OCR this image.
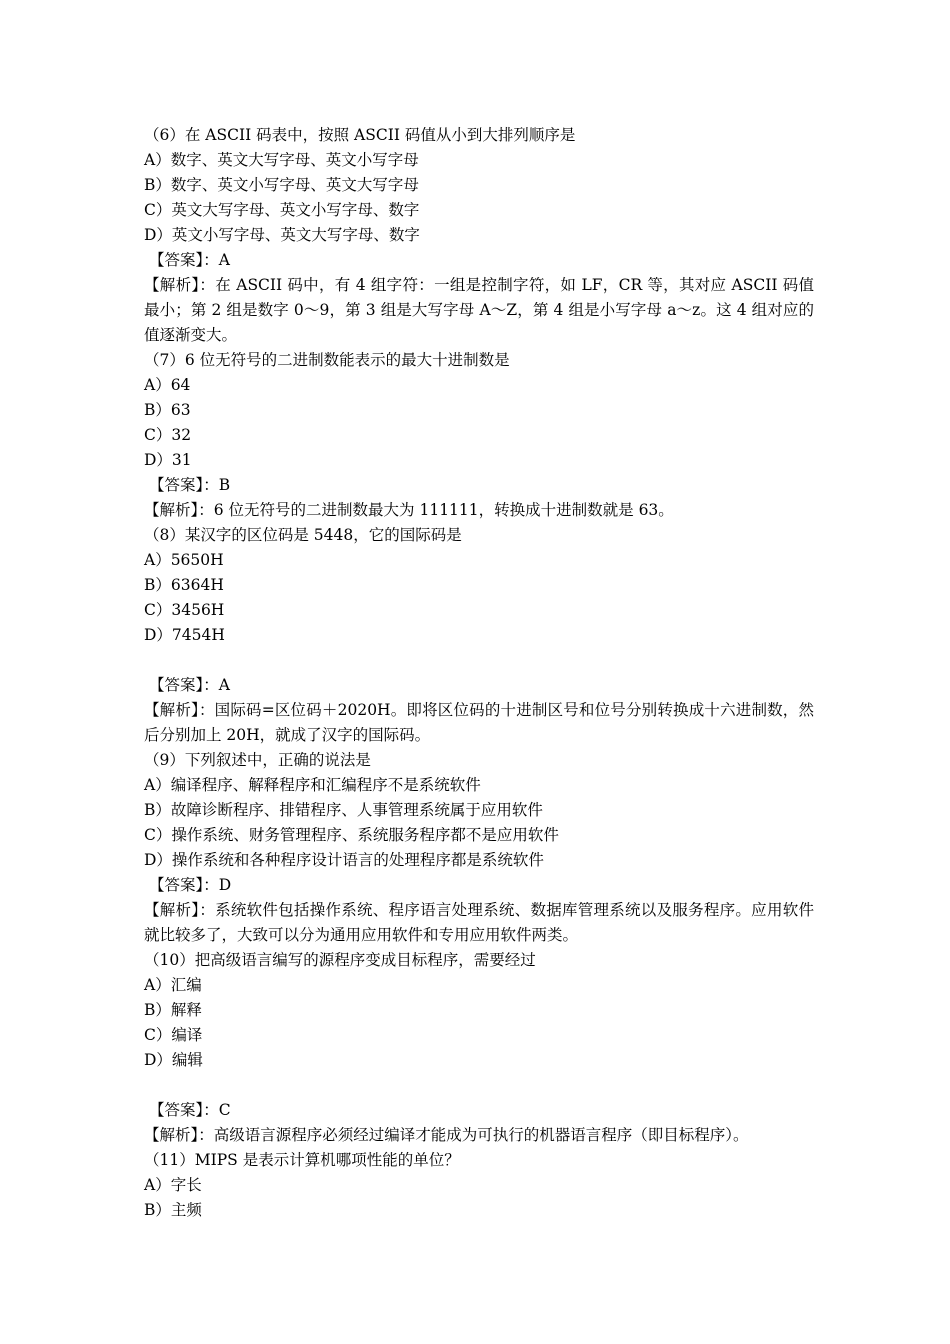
（6）在 ASCII 码表中，按照 ASCII 码值从小到大排列顺序是

A）数字、英文大写字母、英文小写字母

B）数字、英文小写字母、英文大写字母

C）英文大写字母、英文小写字母、数字

D）英文小写字母、英文大写字母、数字

【答案】：A

【解析】：在 ASCII 码中，有 4 组字符：一组是控制字符，如 LF，CR 等，其对应 ASCII 码值最小；第 2 组是数字 0～9，第 3 组是大写字母 A～Z，第 4 组是小写字母 a～z。这 4 组对应的值逐渐变大。

（7）6 位无符号的二进制数能表示的最大十进制数是

A）64

B）63

C）32

D）31

【答案】：B

【解析】：6 位无符号的二进制数最大为 111111，转换成十进制数就是 63。

（8）某汉字的区位码是 5448，它的国际码是

A）5650H

B）6364H

C）3456H

D）7454H

【答案】：A

【解析】：国际码=区位码＋2020H。即将区位码的十进制区号和位号分别转换成十六进制数，然后分别加上 20H，就成了汉字的国际码。

（9）下列叙述中，正确的说法是

A）编译程序、解释程序和汇编程序不是系统软件

B）故障诊断程序、排错程序、人事管理系统属于应用软件

C）操作系统、财务管理程序、系统服务程序都不是应用软件

D）操作系统和各种程序设计语言的处理程序都是系统软件

【答案】：D

【解析】：系统软件包括操作系统、程序语言处理系统、数据库管理系统以及服务程序。应用软件就比较多了，大致可以分为通用应用软件和专用应用软件两类。

（10）把高级语言编写的源程序变成目标程序，需要经过

A）汇编

B）解释

C）编译

D）编辑

【答案】：C

【解析】：高级语言源程序必须经过编译才能成为可执行的机器语言程序（即目标程序）。

（11）MIPS 是表示计算机哪项性能的单位？

A）字长

B）主频
